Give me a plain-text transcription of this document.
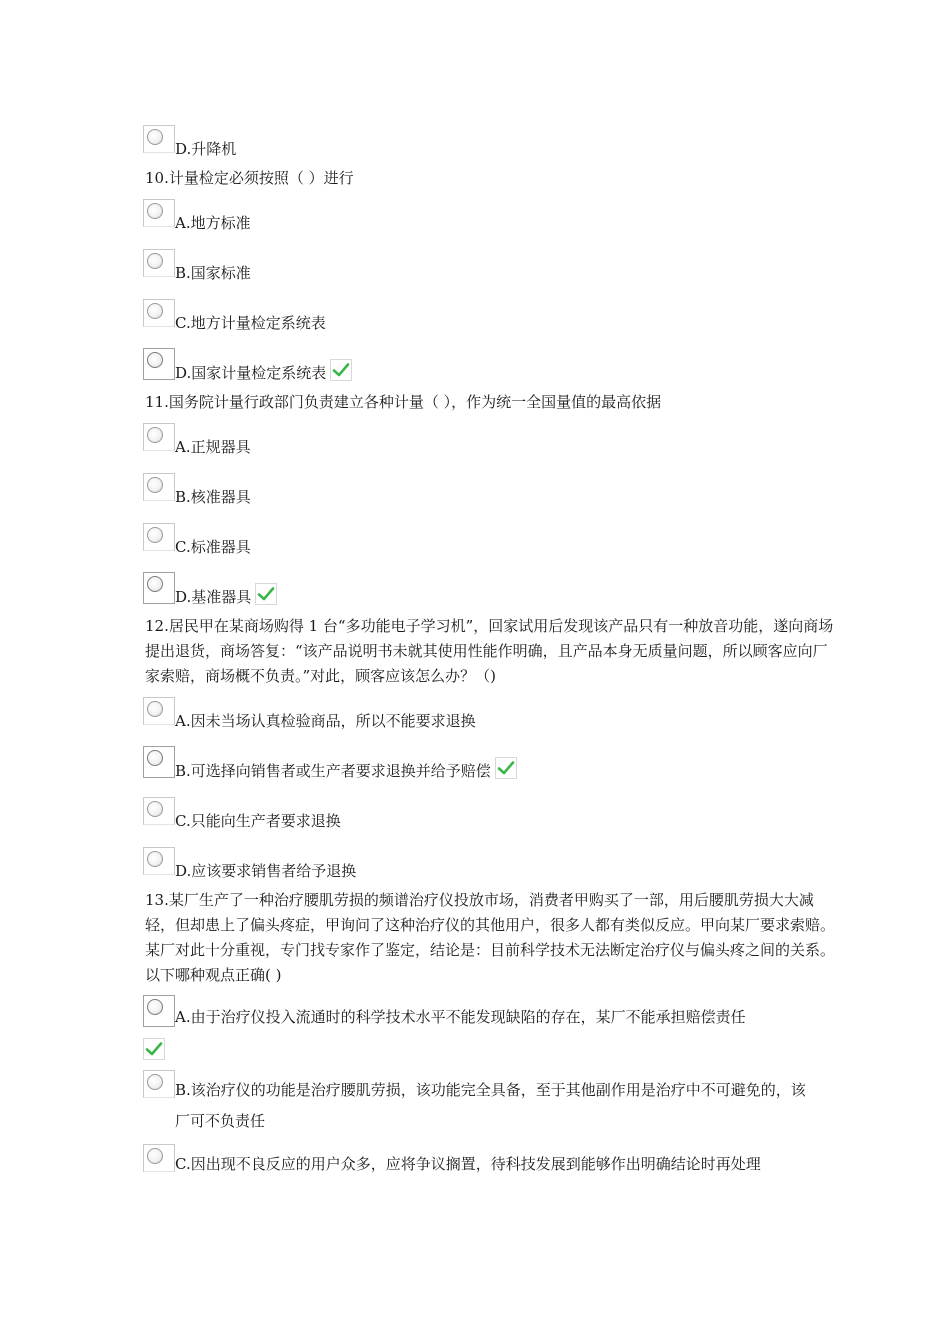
D.升降机

10.计量检定必须按照（ ）进行

A.地方标准
B.国家标准
C.地方计量检定系统表
D.国家计量检定系统表

11.国务院计量行政部门负责建立各种计量（ ），作为统一全国量值的最高依据

A.正规器具
B.核准器具
C.标准器具
D.基准器具

12.居民甲在某商场购得 1 台“多功能电子学习机”，回家试用后发现该产品只有一种放音功能，遂向商场提出退货，商场答复：“该产品说明书未就其使用性能作明确，且产品本身无质量问题，所以顾客应向厂家索赔，商场概不负责。”对此，顾客应该怎么办？（)

A.因未当场认真检验商品，所以不能要求退换
B.可选择向销售者或生产者要求退换并给予赔偿
C.只能向生产者要求退换
D.应该要求销售者给予退换

13.某厂生产了一种治疗腰肌劳损的频谱治疗仪投放市场，消费者甲购买了一部，用后腰肌劳损大大减轻，但却患上了偏头疼症，甲询问了这种治疗仪的其他用户，很多人都有类似反应。甲向某厂要求索赔。某厂对此十分重视，专门找专家作了鉴定，结论是：目前科学技术无法断定治疗仪与偏头疼之间的关系。以下哪种观点正确( )

A.由于治疗仪投入流通时的科学技术水平不能发现缺陷的存在，某厂不能承担赔偿责任
B.该治疗仪的功能是治疗腰肌劳损，该功能完全具备，至于其他副作用是治疗中不可避免的，该厂可不负责任
C.因出现不良反应的用户众多，应将争议搁置，待科技发展到能够作出明确结论时再处理
